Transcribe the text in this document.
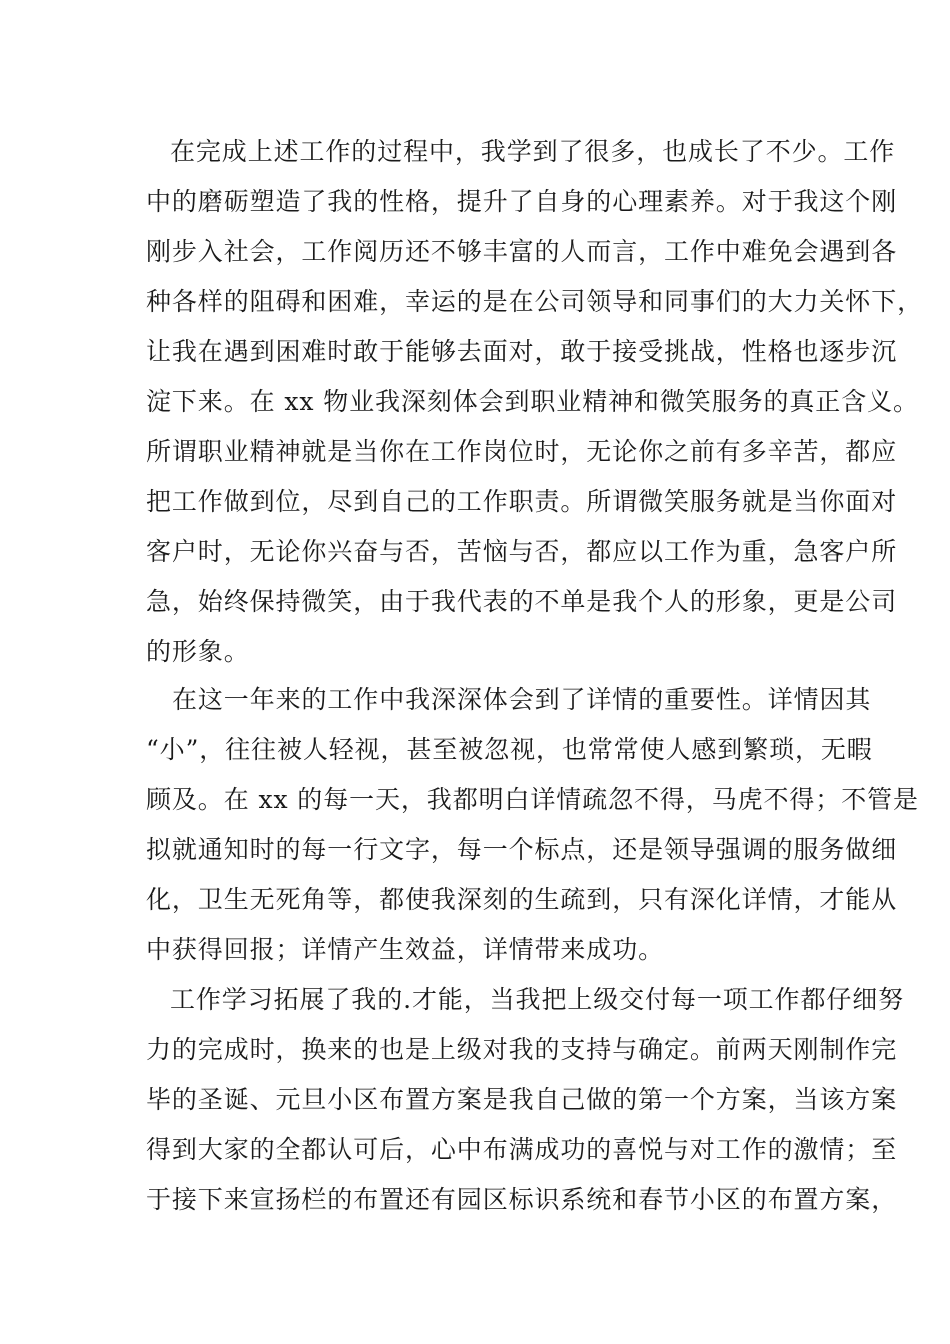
在完成上述工作的过程中，我学到了很多，也成长了不少。工作
中的磨砺塑造了我的性格，提升了自身的心理素养。对于我这个刚
刚步入社会，工作阅历还不够丰富的人而言，工作中难免会遇到各
种各样的阻碍和困难，幸运的是在公司领导和同事们的大力关怀下，
让我在遇到困难时敢于能够去面对，敢于接受挑战，性格也逐步沉
淀下来。在 xx 物业我深刻体会到职业精神和微笑服务的真正含义。
所谓职业精神就是当你在工作岗位时，无论你之前有多辛苦，都应
把工作做到位，尽到自己的工作职责。所谓微笑服务就是当你面对
客户时，无论你兴奋与否，苦恼与否，都应以工作为重，急客户所
急，始终保持微笑，由于我代表的不单是我个人的形象，更是公司
的形象。
在这一年来的工作中我深深体会到了详情的重要性。详情因其
“小”，往往被人轻视，甚至被忽视，也常常使人感到繁琐，无暇
顾及。在 xx 的每一天，我都明白详情疏忽不得，马虎不得；不管是
拟就通知时的每一行文字，每一个标点，还是领导强调的服务做细
化，卫生无死角等，都使我深刻的生疏到，只有深化详情，才能从
中获得回报；详情产生效益，详情带来成功。
工作学习拓展了我的.才能，当我把上级交付每一项工作都仔细努
力的完成时，换来的也是上级对我的支持与确定。前两天刚制作完
毕的圣诞、元旦小区布置方案是我自己做的第一个方案，当该方案
得到大家的全都认可后，心中布满成功的喜悦与对工作的激情；至
于接下来宣扬栏的布置还有园区标识系统和春节小区的布置方案，
